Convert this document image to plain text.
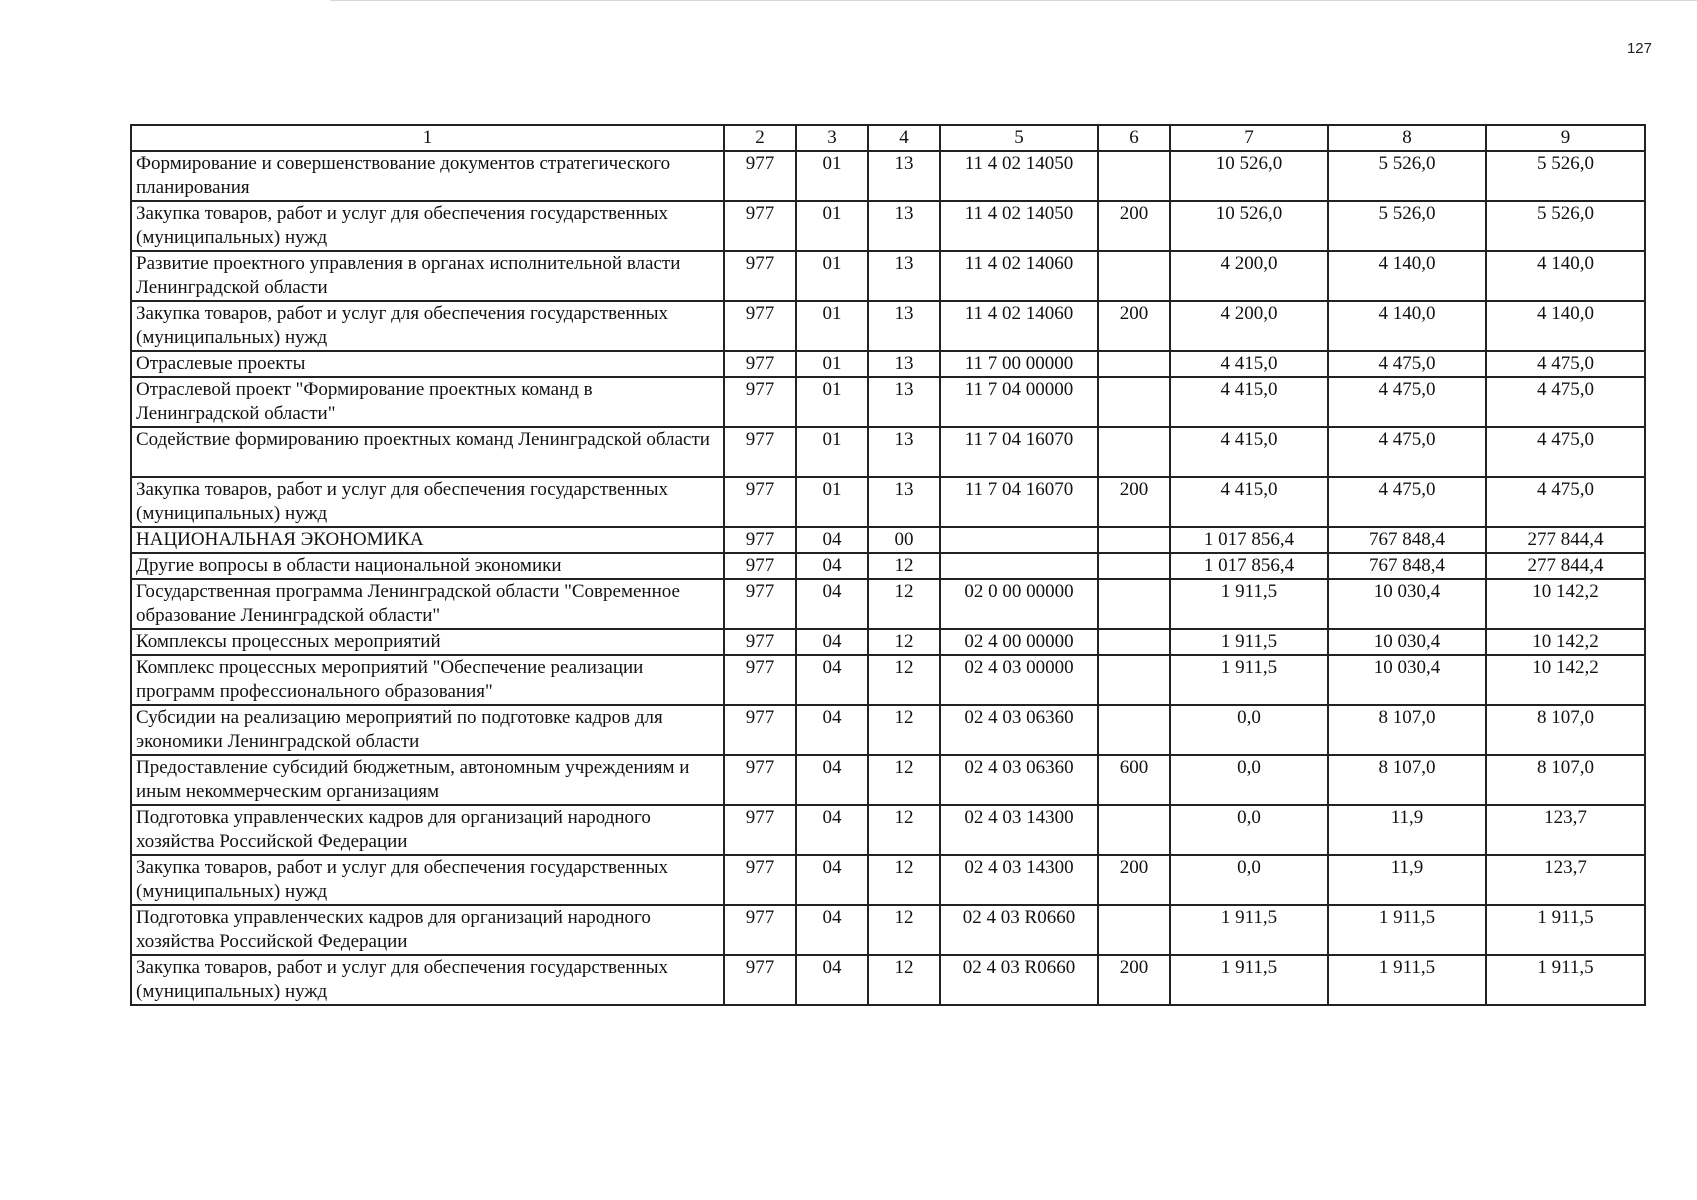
127
1	2	3	4	5	6	7	8	9
Формирование и совершенствование документов стратегического планирования	977	01	13	11 4 02 14050		10 526,0	5 526,0	5 526,0
Закупка товаров, работ и услуг для обеспечения государственных (муниципальных) нужд	977	01	13	11 4 02 14050	200	10 526,0	5 526,0	5 526,0
Развитие проектного управления в органах исполнительной власти Ленинградской области	977	01	13	11 4 02 14060		4 200,0	4 140,0	4 140,0
Закупка товаров, работ и услуг для обеспечения государственных (муниципальных) нужд	977	01	13	11 4 02 14060	200	4 200,0	4 140,0	4 140,0
Отраслевые проекты	977	01	13	11 7 00 00000		4 415,0	4 475,0	4 475,0
Отраслевой проект "Формирование проектных команд в Ленинградской области"	977	01	13	11 7 04 00000		4 415,0	4 475,0	4 475,0
Содействие формированию проектных команд Ленинградской области	977	01	13	11 7 04 16070		4 415,0	4 475,0	4 475,0
Закупка товаров, работ и услуг для обеспечения государственных (муниципальных) нужд	977	01	13	11 7 04 16070	200	4 415,0	4 475,0	4 475,0
НАЦИОНАЛЬНАЯ ЭКОНОМИКА	977	04	00			1 017 856,4	767 848,4	277 844,4
Другие вопросы в области национальной экономики	977	04	12			1 017 856,4	767 848,4	277 844,4
Государственная программа Ленинградской области "Современное образование Ленинградской области"	977	04	12	02 0 00 00000		1 911,5	10 030,4	10 142,2
Комплексы процессных мероприятий	977	04	12	02 4 00 00000		1 911,5	10 030,4	10 142,2
Комплекс процессных мероприятий "Обеспечение реализации программ профессионального образования"	977	04	12	02 4 03 00000		1 911,5	10 030,4	10 142,2
Субсидии на реализацию мероприятий по подготовке кадров для экономики Ленинградской области	977	04	12	02 4 03 06360		0,0	8 107,0	8 107,0
Предоставление субсидий бюджетным, автономным учреждениям и иным некоммерческим организациям	977	04	12	02 4 03 06360	600	0,0	8 107,0	8 107,0
Подготовка управленческих кадров для организаций народного хозяйства Российской Федерации	977	04	12	02 4 03 14300		0,0	11,9	123,7
Закупка товаров, работ и услуг для обеспечения государственных (муниципальных) нужд	977	04	12	02 4 03 14300	200	0,0	11,9	123,7
Подготовка управленческих кадров для организаций народного хозяйства Российской Федерации	977	04	12	02 4 03 R0660		1 911,5	1 911,5	1 911,5
Закупка товаров, работ и услуг для обеспечения государственных (муниципальных) нужд	977	04	12	02 4 03 R0660	200	1 911,5	1 911,5	1 911,5
